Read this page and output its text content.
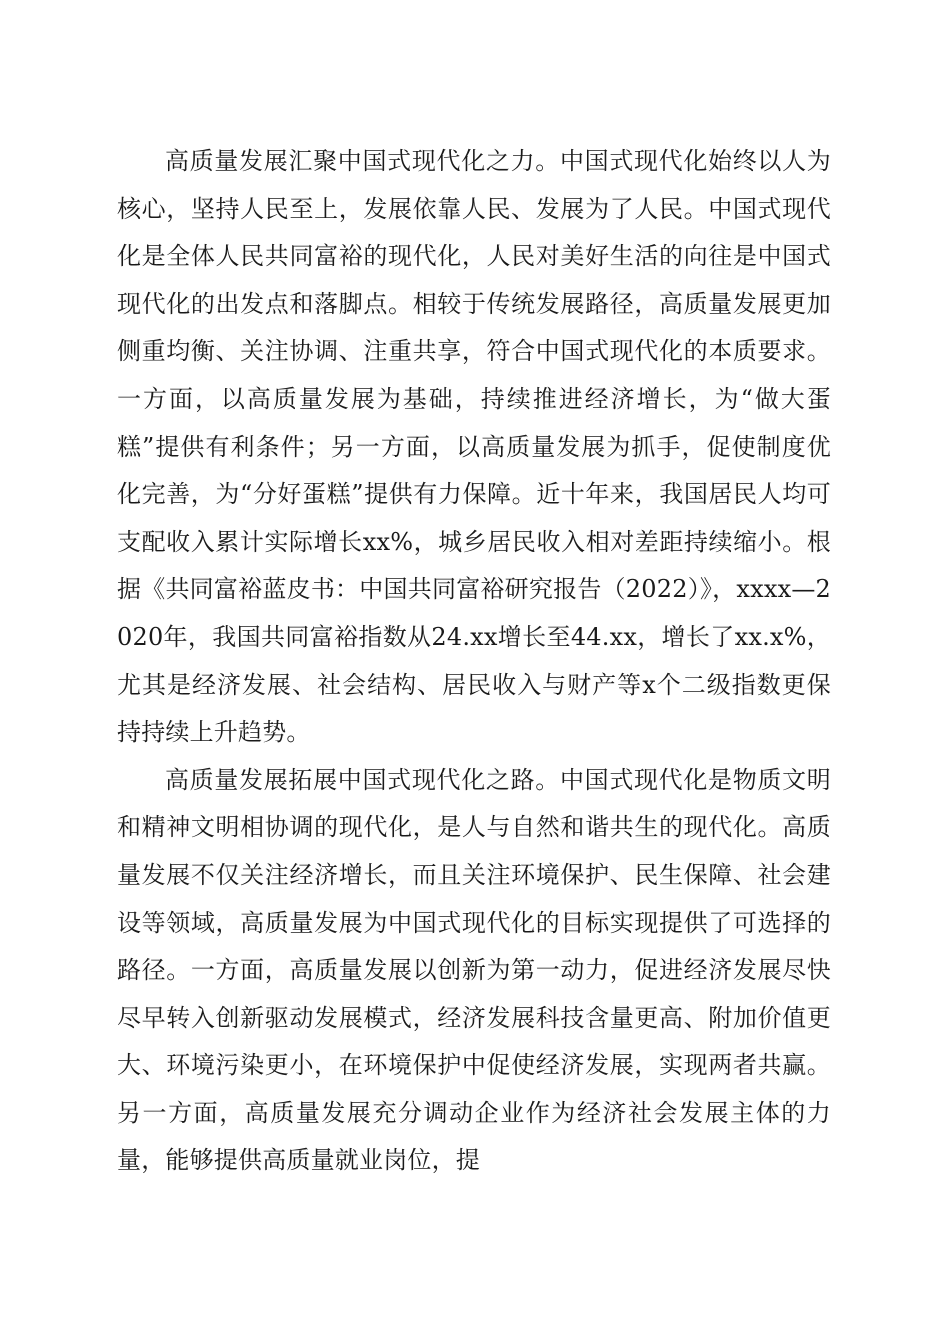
高质量发展汇聚中国式现代化之力。中国式现代化始终以人为核心，坚持人民至上，发展依靠人民、发展为了人民。中国式现代化是全体人民共同富裕的现代化，人民对美好生活的向往是中国式现代化的出发点和落脚点。相较于传统发展路径，高质量发展更加侧重均衡、关注协调、注重共享，符合中国式现代化的本质要求。一方面，以高质量发展为基础，持续推进经济增长，为“做大蛋糕”提供有利条件；另一方面，以高质量发展为抓手，促使制度优化完善，为“分好蛋糕”提供有力保障。近十年来，我国居民人均可支配收入累计实际增长xx%，城乡居民收入相对差距持续缩小。根据《共同富裕蓝皮书：中国共同富裕研究报告（2022）》，xxxx—2020年，我国共同富裕指数从24.xx增长至44.xx，增长了xx.x%，尤其是经济发展、社会结构、居民收入与财产等x个二级指数更保持持续上升趋势。

高质量发展拓展中国式现代化之路。中国式现代化是物质文明和精神文明相协调的现代化，是人与自然和谐共生的现代化。高质量发展不仅关注经济增长，而且关注环境保护、民生保障、社会建设等领域，高质量发展为中国式现代化的目标实现提供了可选择的路径。一方面，高质量发展以创新为第一动力，促进经济发展尽快尽早转入创新驱动发展模式，经济发展科技含量更高、附加价值更大、环境污染更小，在环境保护中促使经济发展，实现两者共赢。另一方面，高质量发展充分调动企业作为经济社会发展主体的力量，能够提供高质量就业岗位，提
